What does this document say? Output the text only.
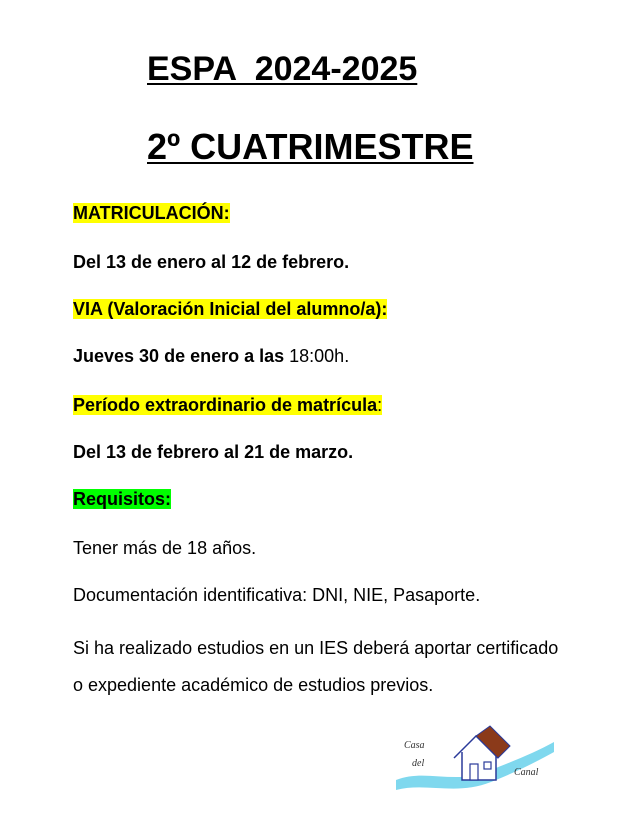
ESPA  2024-2025
2º CUATRIMESTRE
MATRICULACIÓN:
Del 13 de enero al 12 de febrero.
VIA (Valoración Inicial del alumno/a):
Jueves 30 de enero a las 18:00h.
Período extraordinario de matrícula:
Del 13 de febrero al 21 de marzo.
Requisitos:
Tener más de 18 años.
Documentación identificativa: DNI, NIE, Pasaporte.
Si ha realizado estudios en un IES deberá aportar certificado o expediente académico de estudios previos.
Casa
del
Canal
